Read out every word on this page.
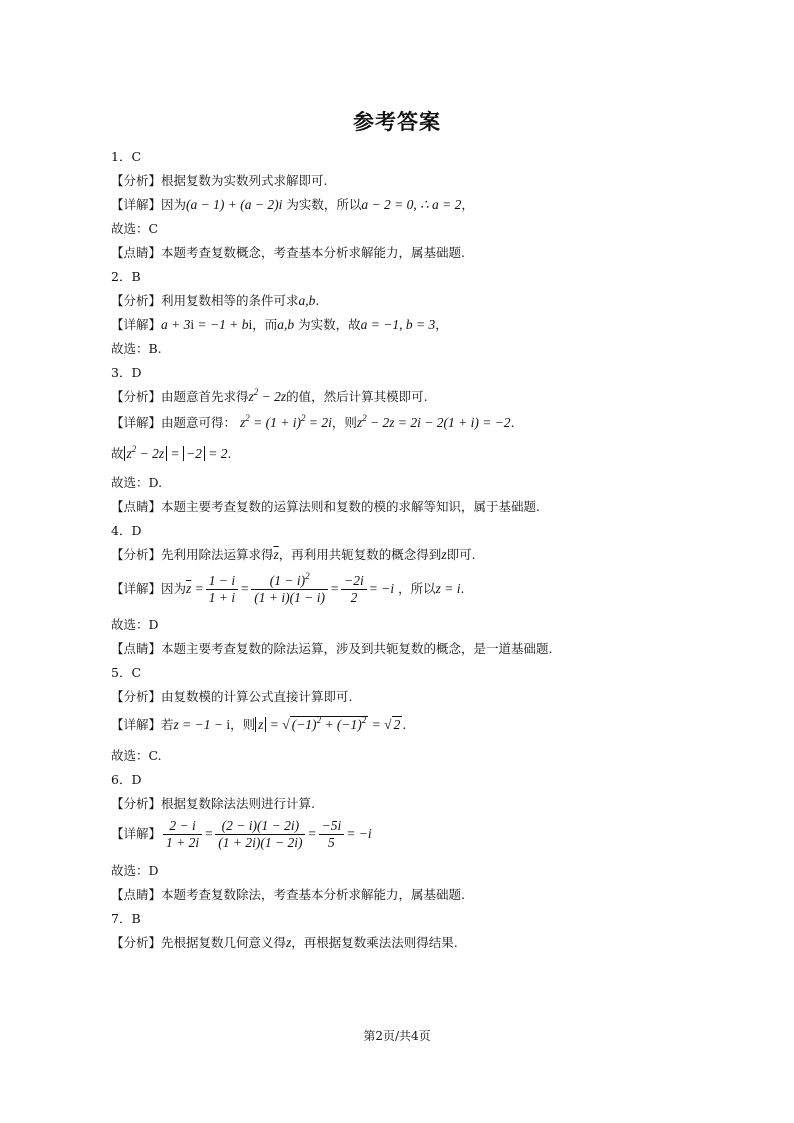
参考答案
1．C
【分析】根据复数为实数列式求解即可.
【详解】因为(a − 1) + (a − 2)i 为实数，所以a − 2 = 0, ∴ a = 2，
故选：C
【点睛】本题考查复数概念，考查基本分析求解能力，属基础题.
2．B
【分析】利用复数相等的条件可求a,b.
【详解】a + 3i = −1 + bi，而a,b 为实数，故a = −1, b = 3，
故选：B.
3．D
【分析】由题意首先求得$z^2 - 2z$的值，然后计算其模即可.
【详解】由题意可得： $z^2 = (1 + i)^2 = 2i$，则$z^2 - 2z = 2i - 2(1 + i) = -2$.
故 $z^2 - 2z = -2 = 2$.
故选：D.
【点睛】本题主要考查复数的运算法则和复数的模的求解等知识，属于基础题.
4．D
【分析】先利用除法运算求得$\overline{z}$，再利用共轭复数的概念得到z即可.
【详解】因为$\overline{z} = \frac{1 - i}{1 + i} = \frac{(1 - i)^2}{(1 + i)(1 - i)} = \frac{-2i}{2} = -i$ ，所以z = i.
故选：D
【点睛】本题主要考查复数的除法运算，涉及到共轭复数的概念，是一道基础题.
5．C
【分析】由复数模的计算公式直接计算即可.
【详解】若z = −1 − i，则 z = √ $(-1)^2 + (-1)^2$ = √ 2 .
故选：C.
6．D
【分析】根据复数除法法则进行计算.
【详解】 $\frac{2 - i}{1 + 2i} = \frac{(2 - i)(1 - 2i)}{(1 + 2i)(1 - 2i)} = \frac{-5i}{5} = -i$
故选：D
【点睛】本题考查复数除法，考查基本分析求解能力，属基础题.
7．B
【分析】先根据复数几何意义得z，再根据复数乘法法则得结果.
第2页/共4页
